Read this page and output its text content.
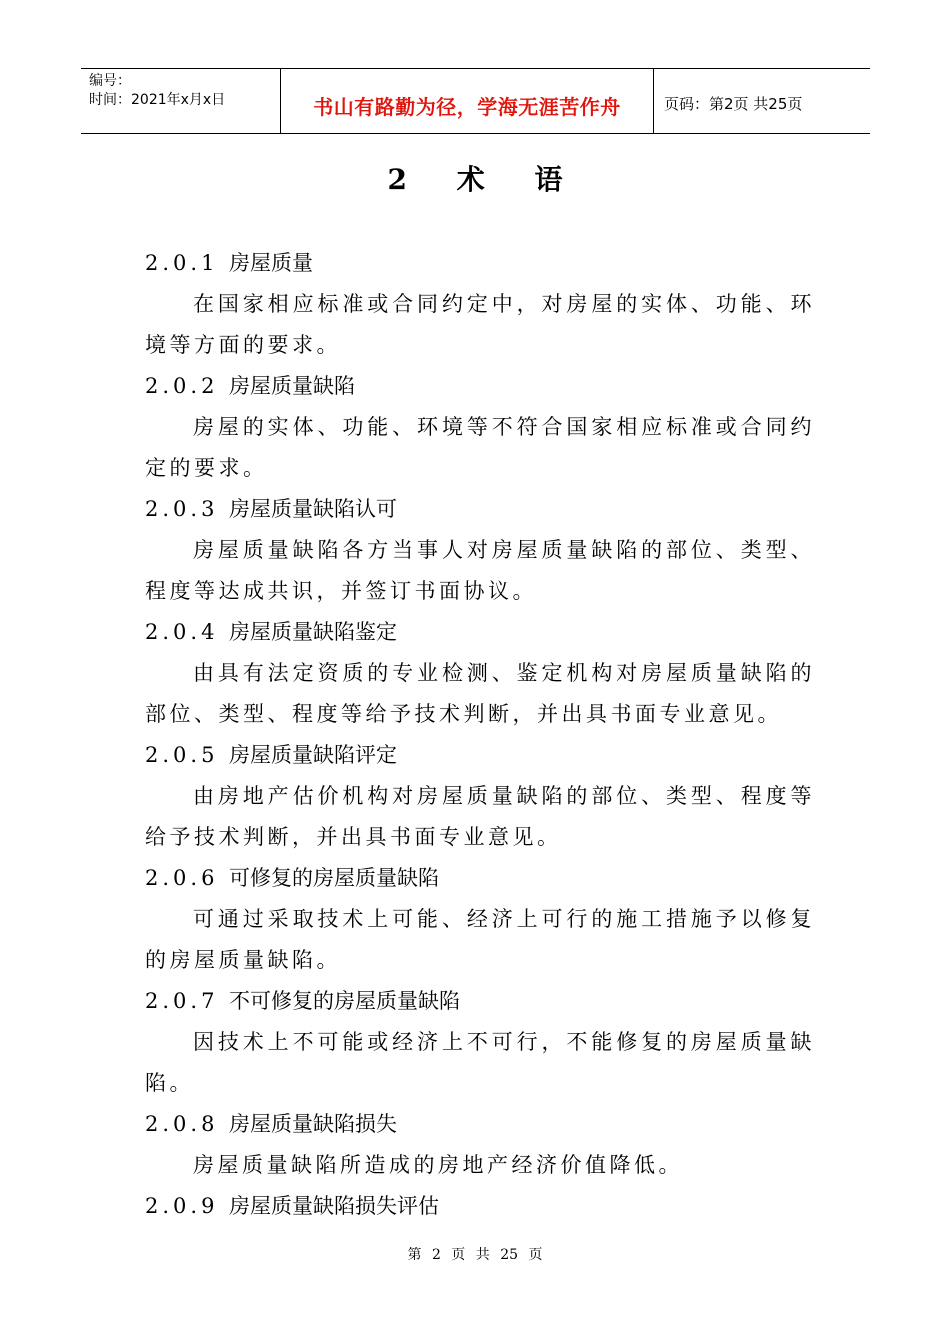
编号：
时间：2021年x月x日	书山有路勤为径，学海无涯苦作舟	页码：第2页 共25页
2 术 语

2.0.1 房屋质量

在国家相应标准或合同约定中，对房屋的实体、功能、环境等方面的要求。

2.0.2 房屋质量缺陷

房屋的实体、功能、环境等不符合国家相应标准或合同约定的要求。

2.0.3 房屋质量缺陷认可

房屋质量缺陷各方当事人对房屋质量缺陷的部位、类型、程度等达成共识，并签订书面协议。

2.0.4 房屋质量缺陷鉴定

由具有法定资质的专业检测、鉴定机构对房屋质量缺陷的部位、类型、程度等给予技术判断，并出具书面专业意见。

2.0.5 房屋质量缺陷评定

由房地产估价机构对房屋质量缺陷的部位、类型、程度等给予技术判断，并出具书面专业意见。

2.0.6 可修复的房屋质量缺陷

可通过采取技术上可能、经济上可行的施工措施予以修复的房屋质量缺陷。

2.0.7 不可修复的房屋质量缺陷

因技术上不可能或经济上不可行，不能修复的房屋质量缺陷。

2.0.8 房屋质量缺陷损失

房屋质量缺陷所造成的房地产经济价值降低。

2.0.9 房屋质量缺陷损失评估

第 2 页 共 25 页
